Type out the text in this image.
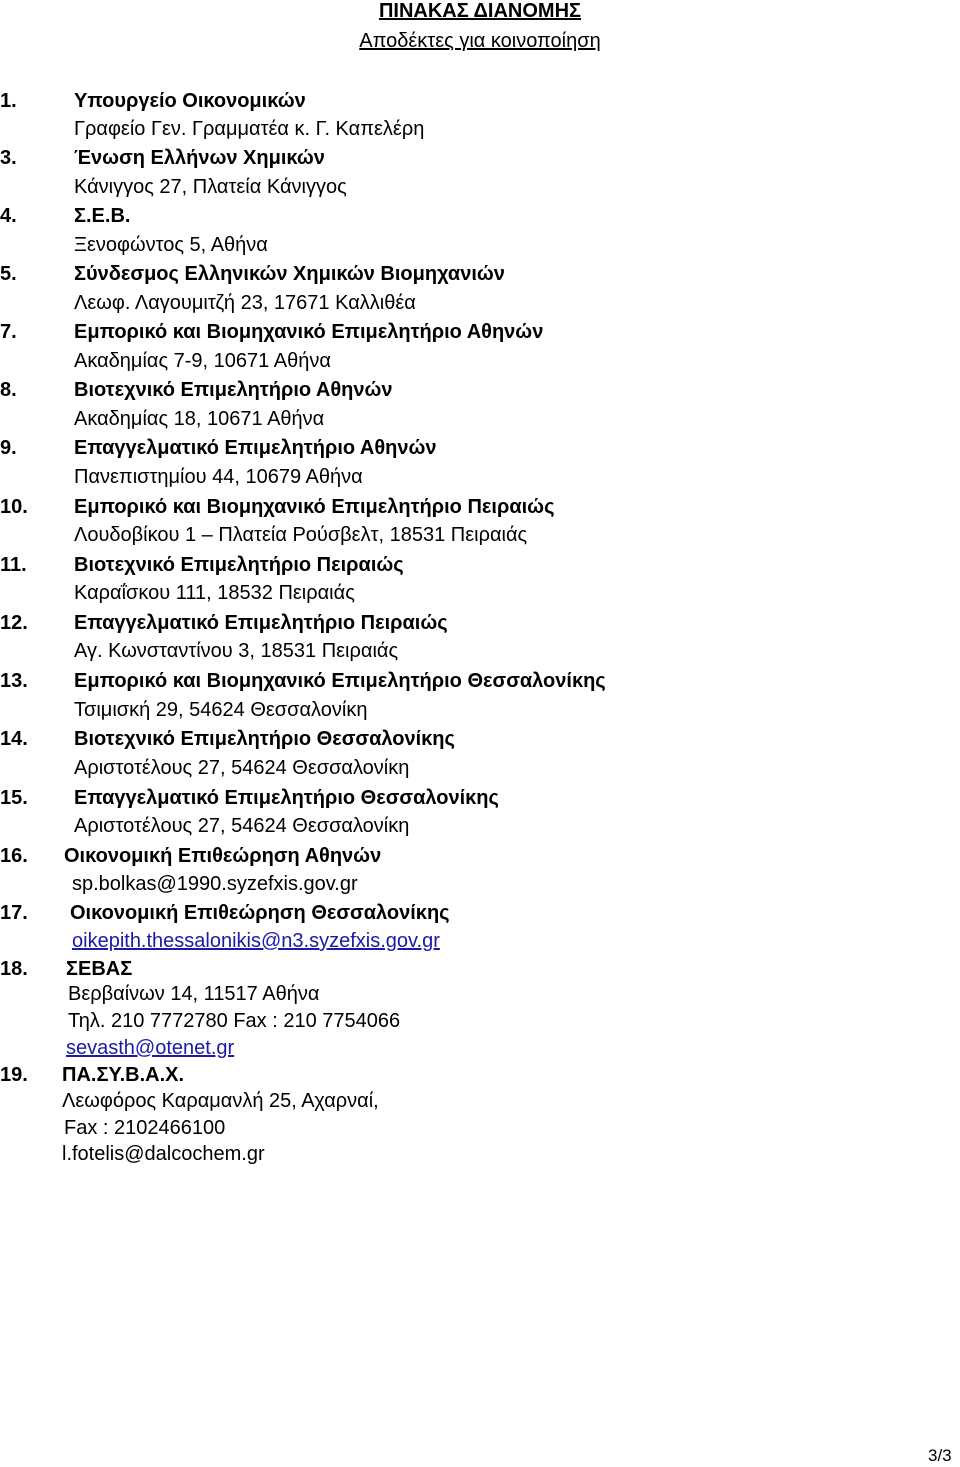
ΠΙΝΑΚΑΣ ΔΙΑΝΟΜΗΣ
Αποδέκτες για κοινοποίηση
1.	Υπουργείο Οικονομικών
Γραφείο Γεν. Γραμματέα κ. Γ. Καπελέρη
3.	Ένωση Ελλήνων Χημικών
Κάνιγγος 27, Πλατεία Κάνιγγος
4.	Σ.Ε.Β.
Ξενοφώντος 5, Αθήνα
5.	Σύνδεσμος Ελληνικών Χημικών Βιομηχανιών
Λεωφ. Λαγουμιτζή 23, 17671 Καλλιθέα
7.	Εμπορικό και Βιομηχανικό Επιμελητήριο Αθηνών
Ακαδημίας 7-9, 10671 Αθήνα
8.	Βιοτεχνικό Επιμελητήριο Αθηνών
Ακαδημίας 18, 10671 Αθήνα
9.	Επαγγελματικό Επιμελητήριο Αθηνών
Πανεπιστημίου 44, 10679 Αθήνα
10. Εμπορικό και Βιομηχανικό Επιμελητήριο Πειραιώς
Λουδοβίκου 1 – Πλατεία Ρούσβελτ, 18531 Πειραιάς
11. Βιοτεχνικό Επιμελητήριο Πειραιώς
Καραΐσκου 111, 18532 Πειραιάς
12. Επαγγελματικό Επιμελητήριο Πειραιώς
Αγ. Κωνσταντίνου 3, 18531 Πειραιάς
13. Εμπορικό και Βιομηχανικό Επιμελητήριο Θεσσαλονίκης
Τσιμισκή 29, 54624 Θεσσαλονίκη
14. Βιοτεχνικό Επιμελητήριο Θεσσαλονίκης
Αριστοτέλους 27, 54624 Θεσσαλονίκη
15. Επαγγελματικό Επιμελητήριο Θεσσαλονίκης
Αριστοτέλους 27, 54624 Θεσσαλονίκη
16. Οικονομική Επιθεώρηση Αθηνών
sp.bolkas@1990.syzefxis.gov.gr
17. Οικονομική Επιθεώρηση Θεσσαλονίκης
oikepith.thessalonikis@n3.syzefxis.gov.gr
18. ΣΕΒΑΣ
Βερβαίνων 14, 11517 Αθήνα
Τηλ. 210 7772780 Fax : 210 7754066
sevasth@otenet.gr
19. ΠΑ.ΣΥ.Β.Α.Χ.
Λεωφόρος Καραμανλή 25, Αχαρναί,
Fax : 2102466100
l.fotelis@dalcochem.gr
3/3
